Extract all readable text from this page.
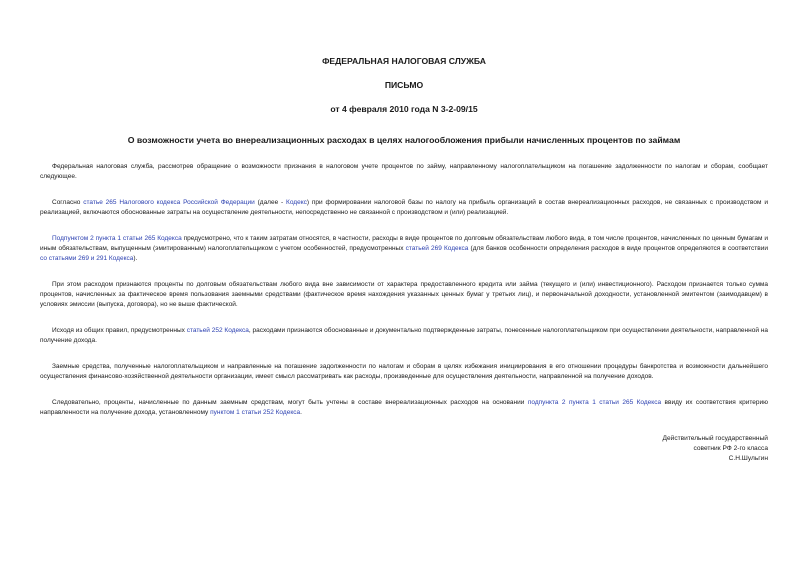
ФЕДЕРАЛЬНАЯ НАЛОГОВАЯ СЛУЖБА
ПИСЬМО
от 4 февраля 2010 года N 3-2-09/15
О возможности учета во внереализационных расходах в целях налогообложения прибыли начисленных процентов по займам

Федеральная налоговая служба, рассмотрев обращение о возможности признания в налоговом учете процентов по займу, направленному налогоплательщиком на погашение задолженности по налогам и сборам, сообщает следующее.

Согласно статье 265 Налогового кодекса Российской Федерации (далее - Кодекс) при формировании налоговой базы по налогу на прибыль организаций в состав внереализационных расходов, не связанных с производством и реализацией, включаются обоснованные затраты на осуществление деятельности, непосредственно не связанной с производством и (или) реализацией.

Подпунктом 2 пункта 1 статьи 265 Кодекса предусмотрено, что к таким затратам относятся, в частности, расходы в виде процентов по долговым обязательствам любого вида, в том числе процентов, начисленных по ценным бумагам и иным обязательствам, выпущенным (эмитированным) налогоплательщиком с учетом особенностей, предусмотренных статьей 269 Кодекса (для банков особенности определения расходов в виде процентов определяются в соответствии со статьями 269 и 291 Кодекса).

При этом расходом признаются проценты по долговым обязательствам любого вида вне зависимости от характера предоставленного кредита или займа (текущего и (или) инвестиционного). Расходом признается только сумма процентов, начисленных за фактическое время пользования заемными средствами (фактическое время нахождения указанных ценных бумаг у третьих лиц), и первоначальной доходности, установленной эмитентом (заимодавцем) в условиях эмиссии (выпуска, договора), но не выше фактической.

Исходя из общих правил, предусмотренных статьей 252 Кодекса, расходами признаются обоснованные и документально подтвержденные затраты, понесенные налогоплательщиком при осуществлении деятельности, направленной на получение дохода.

Заемные средства, полученные налогоплательщиком и направленные на погашение задолженности по налогам и сборам в целях избежания инициирования в его отношении процедуры банкротства и возможности дальнейшего осуществления финансово-хозяйственной деятельности организации, имеет смысл рассматривать как расходы, произведенные для осуществления деятельности, направленной на получение доходов.

Следовательно, проценты, начисленные по данным заемным средствам, могут быть учтены в составе внереализационных расходов на основании подпункта 2 пункта 1 статьи 265 Кодекса ввиду их соответствия критерию направленности на получение дохода, установленному пунктом 1 статьи 252 Кодекса.

Действительный государственный
советник РФ 2-го класса
С.Н.Шульгин
